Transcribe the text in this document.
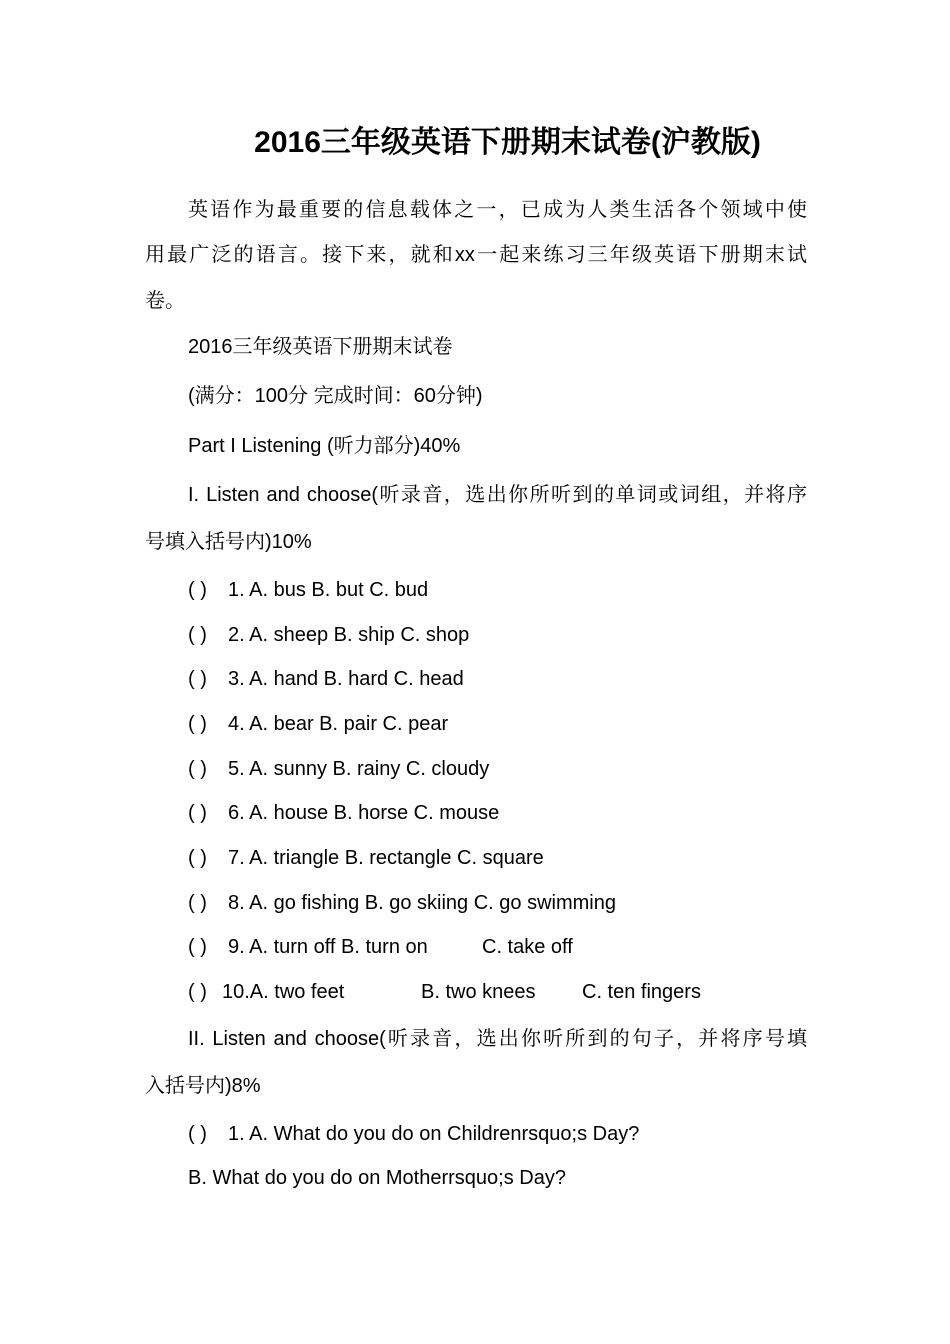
2016三年级英语下册期末试卷(沪教版)
英语作为最重要的信息载体之一，已成为人类生活各个领域中使
用最广泛的语言。接下来，就和xx一起来练习三年级英语下册期末试
卷。
2016三年级英语下册期末试卷
(满分：100分 完成时间：60分钟)
Part I Listening (听力部分)40%
I. Listen and choose(听录音，选出你所听到的单词或词组，并将序
号填入括号内)10%
( ) 1. A. bus B. but C. bud
( ) 2. A. sheep B. ship C. shop
( ) 3. A. hand B. hard C. head
( ) 4. A. bear B. pair C. pear
( ) 5. A. sunny B. rainy C. cloudy
( ) 6. A. house B. horse C. mouse
( ) 7. A. triangle B. rectangle C. square
( ) 8. A. go fishing B. go skiing C. go swimming
( ) 9. A. turn off B. turn on	C. take off
( ) 10.A. two feet	B. two knees C. ten fingers
II. Listen and choose(听录音，选出你听所到的句子，并将序号填
入括号内)8%
( ) 1. A. What do you do on Childrenrsquo;s Day?
B. What do you do on Motherrsquo;s Day?
